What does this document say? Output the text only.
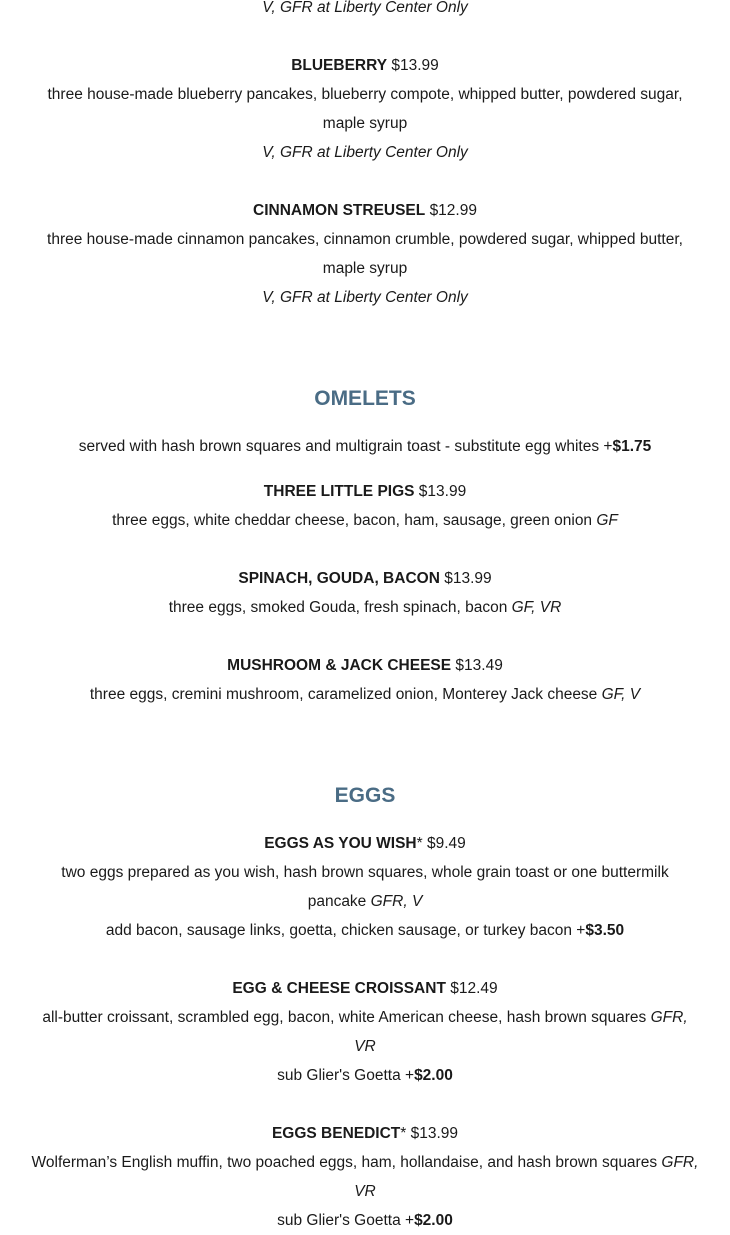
V, GFR at Liberty Center Only
BLUEBERRY $13.99
three house-made blueberry pancakes, blueberry compote, whipped butter, powdered sugar, maple syrup
V, GFR at Liberty Center Only
CINNAMON STREUSEL $12.99
three house-made cinnamon pancakes, cinnamon crumble, powdered sugar, whipped butter, maple syrup
V, GFR at Liberty Center Only
OMELETS
served with hash brown squares and multigrain toast - substitute egg whites +$1.75
THREE LITTLE PIGS $13.99
three eggs, white cheddar cheese, bacon, ham, sausage, green onion GF
SPINACH, GOUDA, BACON $13.99
three eggs, smoked Gouda, fresh spinach, bacon GF, VR
MUSHROOM & JACK CHEESE $13.49
three eggs, cremini mushroom, caramelized onion, Monterey Jack cheese GF, V
EGGS
EGGS AS YOU WISH* $9.49
two eggs prepared as you wish, hash brown squares, whole grain toast or one buttermilk pancake GFR, V
add bacon, sausage links, goetta, chicken sausage, or turkey bacon +$3.50
EGG & CHEESE CROISSANT $12.49
all-butter croissant, scrambled egg, bacon, white American cheese, hash brown squares GFR, VR
sub Glier's Goetta +$2.00
EGGS BENEDICT* $13.99
Wolferman’s English muffin, two poached eggs, ham, hollandaise, and hash brown squares GFR, VR
sub Glier's Goetta +$2.00
